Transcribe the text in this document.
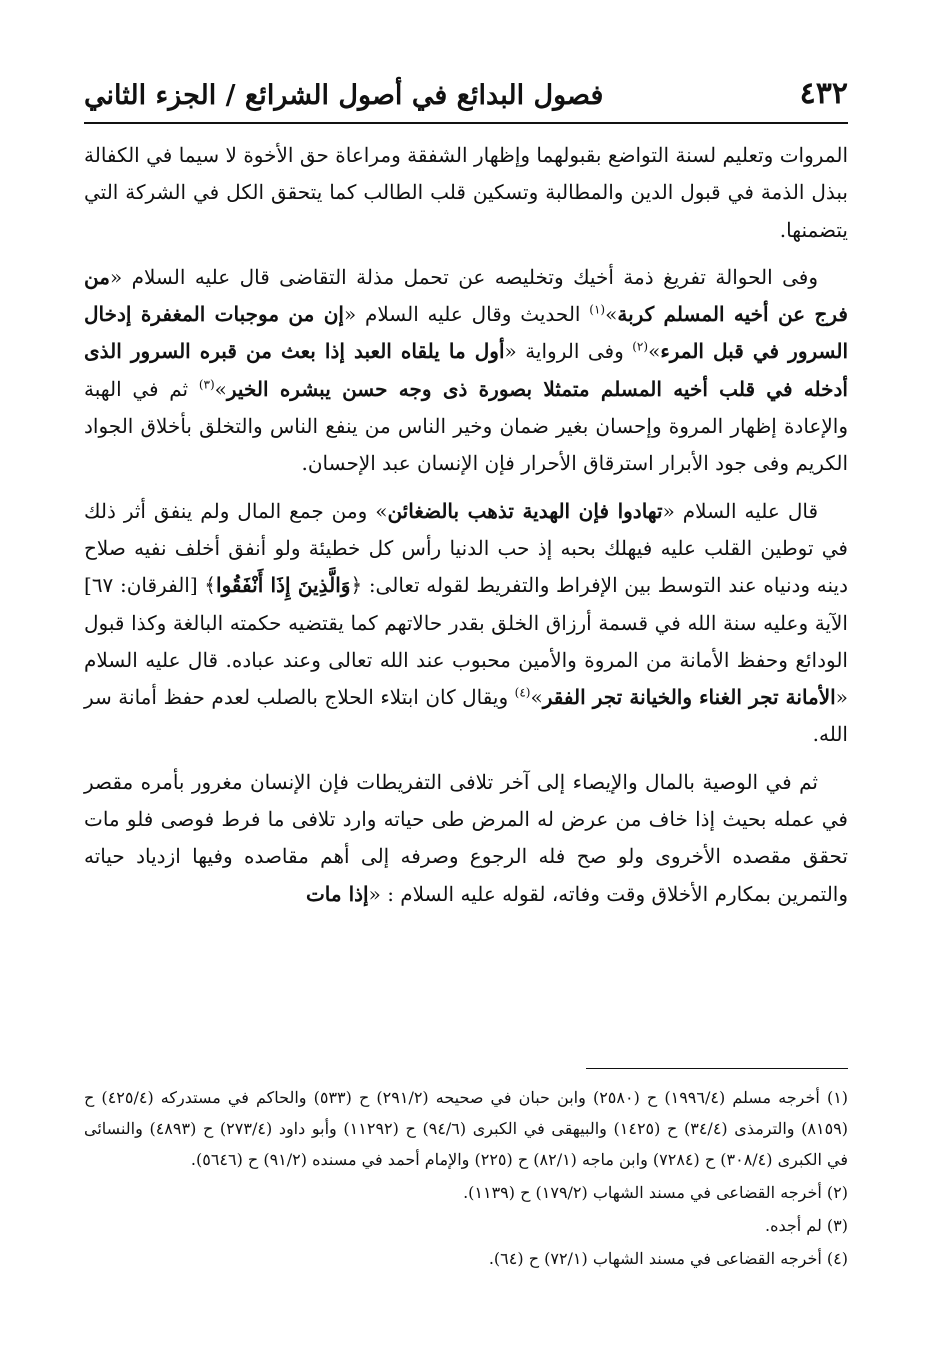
٤٣٢
فصول البدائع في أصول الشرائع / الجزء الثاني

المروات وتعليم لسنة التواضع بقبولهما وإظهار الشفقة ومراعاة حق الأخوة لا سيما في الكفالة ببذل الذمة في قبول الدين والمطالبة وتسكين قلب الطالب كما يتحقق الكل في الشركة التي يتضمنها.

وفى الحوالة تفريغ ذمة أخيك وتخليصه عن تحمل مذلة التقاضى قال عليه السلام «من فرج عن أخيه المسلم كربة»$^{(١)}$ الحديث وقال عليه السلام «إن من موجبات المغفرة إدخال السرور في قبل المرء»$^{(٢)}$ وفى الرواية «أول ما يلقاه العبد إذا بعث من قبره السرور الذى أدخله في قلب أخيه المسلم متمثلا بصورة ذى وجه حسن يبشره الخير»$^{(٣)}$ ثم في الهبة والإعادة إظهار المروة وإحسان بغير ضمان وخير الناس من ينفع الناس والتخلق بأخلاق الجواد الكريم وفى جود الأبرار استرقاق الأحرار فإن الإنسان عبد الإحسان.

قال عليه السلام «تهادوا فإن الهدية تذهب بالضغائن» ومن جمع المال ولم ينفق أثر ذلك في توطين القلب عليه فيهلك بحبه إذ حب الدنيا رأس كل خطيئة ولو أنفق أخلف نفيه صلاح دينه ودنياه عند التوسط بين الإفراط والتفريط لقوله تعالى: ﴿وَالَّذِينَ إِذَا أَنْفَقُوا﴾ [الفرقان: ٦٧] الآية وعليه سنة الله في قسمة أرزاق الخلق بقدر حالاتهم كما يقتضيه حكمته البالغة وكذا قبول الودائع وحفظ الأمانة من المروة والأمين محبوب عند الله تعالى وعند عباده. قال عليه السلام «الأمانة تجر الغناء والخيانة تجر الفقر»$^{(٤)}$ ويقال كان ابتلاء الحلاج بالصلب لعدم حفظ أمانة سر الله.

ثم في الوصية بالمال والإيصاء إلى آخر تلافى التفريطات فإن الإنسان مغرور بأمره مقصر في عمله بحيث إذا خاف من عرض له المرض طى حياته وارد تلافى ما فرط فوصى فلو مات تحقق مقصده الأخروى ولو صح فله الرجوع وصرفه إلى أهم مقاصده وفيها ازدياد حياته والتمرين بمكارم الأخلاق وقت وفاته، لقوله عليه السلام : «إذا مات

(١) أخرجه مسلم (١٩٩٦/٤) ح (٢٥٨٠) وابن حبان في صحيحه (٢٩١/٢) ح (٥٣٣) والحاكم في مستدركه (٤٢٥/٤) ح (٨١٥٩) والترمذى (٣٤/٤) ح (١٤٢٥) والبيهقى في الكبرى (٩٤/٦) ح (١١٢٩٢) وأبو داود (٢٧٣/٤) ح (٤٨٩٣) والنسائى في الكبرى (٣٠٨/٤) ح (٧٢٨٤) وابن ماجه (٨٢/١) ح (٢٢٥) والإمام أحمد في مسنده (٩١/٢) ح (٥٦٤٦).

(٢) أخرجه القضاعى في مسند الشهاب (١٧٩/٢) ح (١١٣٩).

(٣) لم أجده.

(٤) أخرجه القضاعى في مسند الشهاب (٧٢/١) ح (٦٤).
